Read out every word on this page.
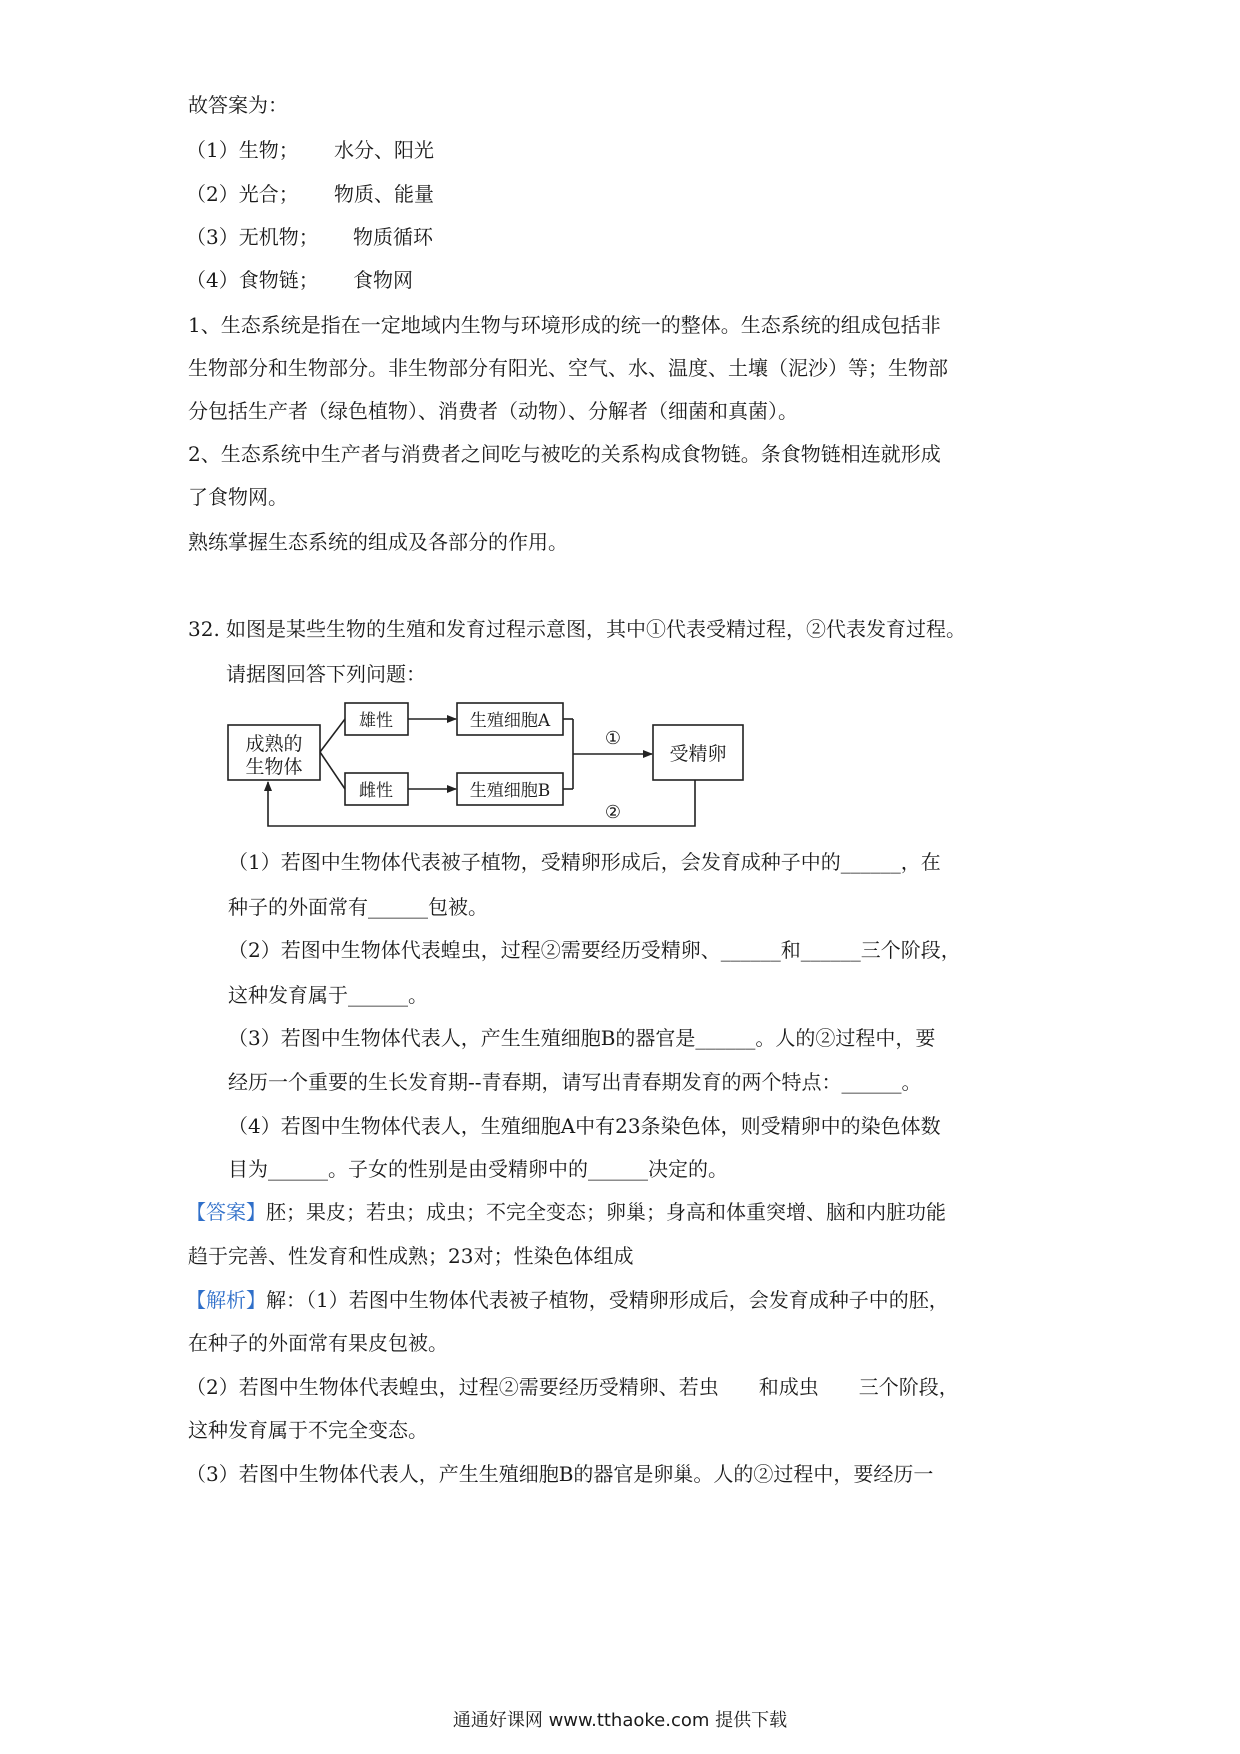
故答案为：
（1）生物； 水分、阳光
（2）光合； 物质、能量
（3）无机物； 物质循环
（4）食物链； 食物网
1、生态系统是指在一定地域内生物与环境形成的统一的整体。生态系统的组成包括非
生物部分和生物部分。非生物部分有阳光、空气、水、温度、土壤（泥沙）等；生物部
分包括生产者（绿色植物）、消费者（动物）、分解者（细菌和真菌）。
2、生态系统中生产者与消费者之间吃与被吃的关系构成食物链。条食物链相连就形成
了食物网。
熟练掌握生态系统的组成及各部分的作用。
32. 如图是某些生物的生殖和发育过程示意图，其中①代表受精过程，②代表发育过程。
请据图回答下列问题：
成熟的
生物体
雄性
雌性
生殖细胞A
生殖细胞B
受精卵
①
②
（1）若图中生物体代表被子植物，受精卵形成后，会发育成种子中的______，在
种子的外面常有______包被。
（2）若图中生物体代表蝗虫，过程②需要经历受精卵、______和______三个阶段，
这种发育属于______。
（3）若图中生物体代表人，产生生殖细胞B的器官是______。人的②过程中，要
经历一个重要的生长发育期--青春期，请写出青春期发育的两个特点：______。
（4）若图中生物体代表人，生殖细胞A中有23条染色体，则受精卵中的染色体数
目为______。子女的性别是由受精卵中的______决定的。
【答案】胚；果皮；若虫；成虫；不完全变态；卵巢；身高和体重突增、脑和内脏功能
趋于完善、性发育和性成熟；23对；性染色体组成
【解析】解：（1）若图中生物体代表被子植物，受精卵形成后，会发育成种子中的胚，
在种子的外面常有果皮包被。
（2）若图中生物体代表蝗虫，过程②需要经历受精卵、若虫　　和成虫　　三个阶段，
这种发育属于不完全变态。
（3）若图中生物体代表人，产生生殖细胞B的器官是卵巢。人的②过程中，要经历一
通通好课网 www.tthaoke.com 提供下载
